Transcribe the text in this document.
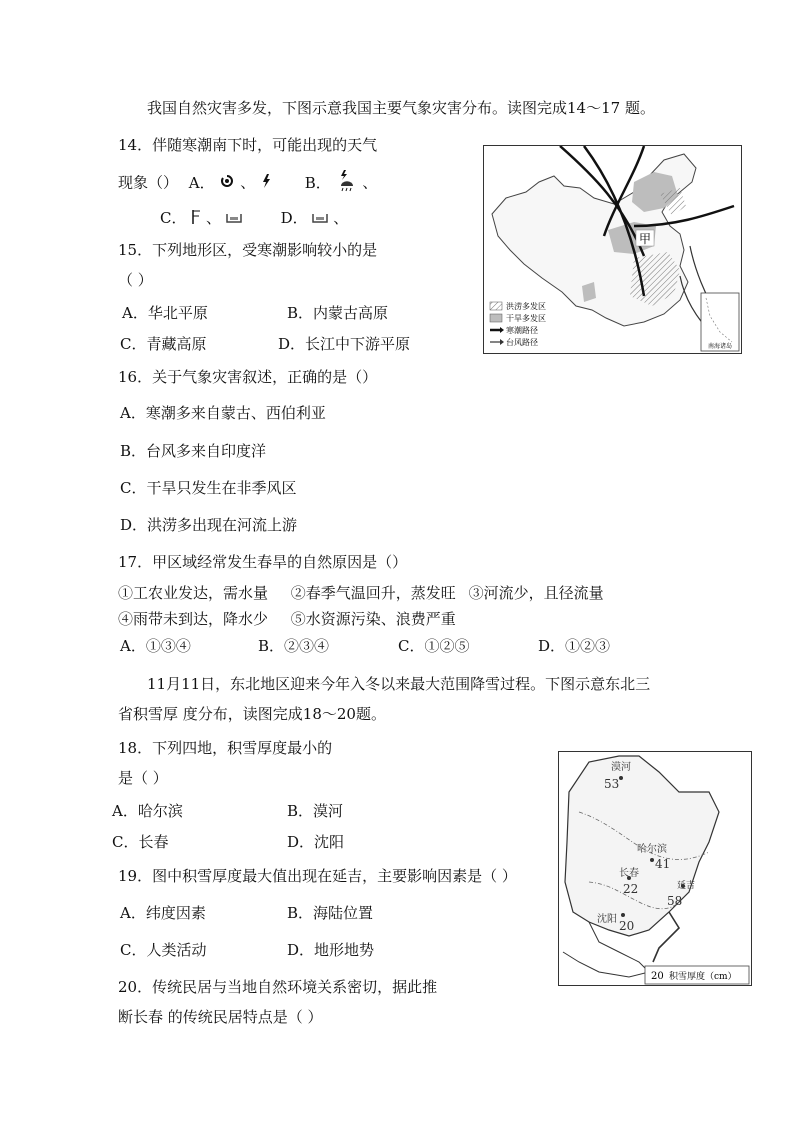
我国自然灾害多发，下图示意我国主要气象灾害分布。读图完成14～17 题。
14．伴随寒潮南下时，可能出现的天气
现象（） A． 、	B． 、
C． 、	D． 、
15．下列地形区，受寒潮影响较小的是
（ ）
A．华北平原	B．内蒙古高原
C．青藏高原	D．长江中下游平原
16．关于气象灾害叙述，正确的是（）
A．寒潮多来自蒙古、西伯利亚
B．台风多来自印度洋
C．干旱只发生在非季风区
D．洪涝多出现在河流上游
17．甲区域经常发生春旱的自然原因是（）
①工农业发达，需水量 ②春季气温回升，蒸发旺 ③河流少，且径流量
④雨带未到达，降水少 ⑤水资源污染、浪费严重
A．①③④	B．②③④	C．①②⑤	D．①②③
11月11日，东北地区迎来今年入冬以来最大范围降雪过程。下图示意东北三
省积雪厚 度分布，读图完成18～20题。
18．下列四地，积雪厚度最小的
是（ ）
A．哈尔滨	B．漠河
C．长春	D．沈阳
19．图中积雪厚度最大值出现在延吉，主要影响因素是（ ）
A．纬度因素	B．海陆位置
C．人类活动	D．地形地势
20．传统民居与当地自然环境关系密切，据此推
断长春 的传统民居特点是（ ）
甲
南海诸岛
洪涝多发区
干旱多发区
寒潮路径
台风路径
漠河
53
哈尔滨
41
长春
22	延吉
58
沈阳 20
20 积雪厚度（cm）
